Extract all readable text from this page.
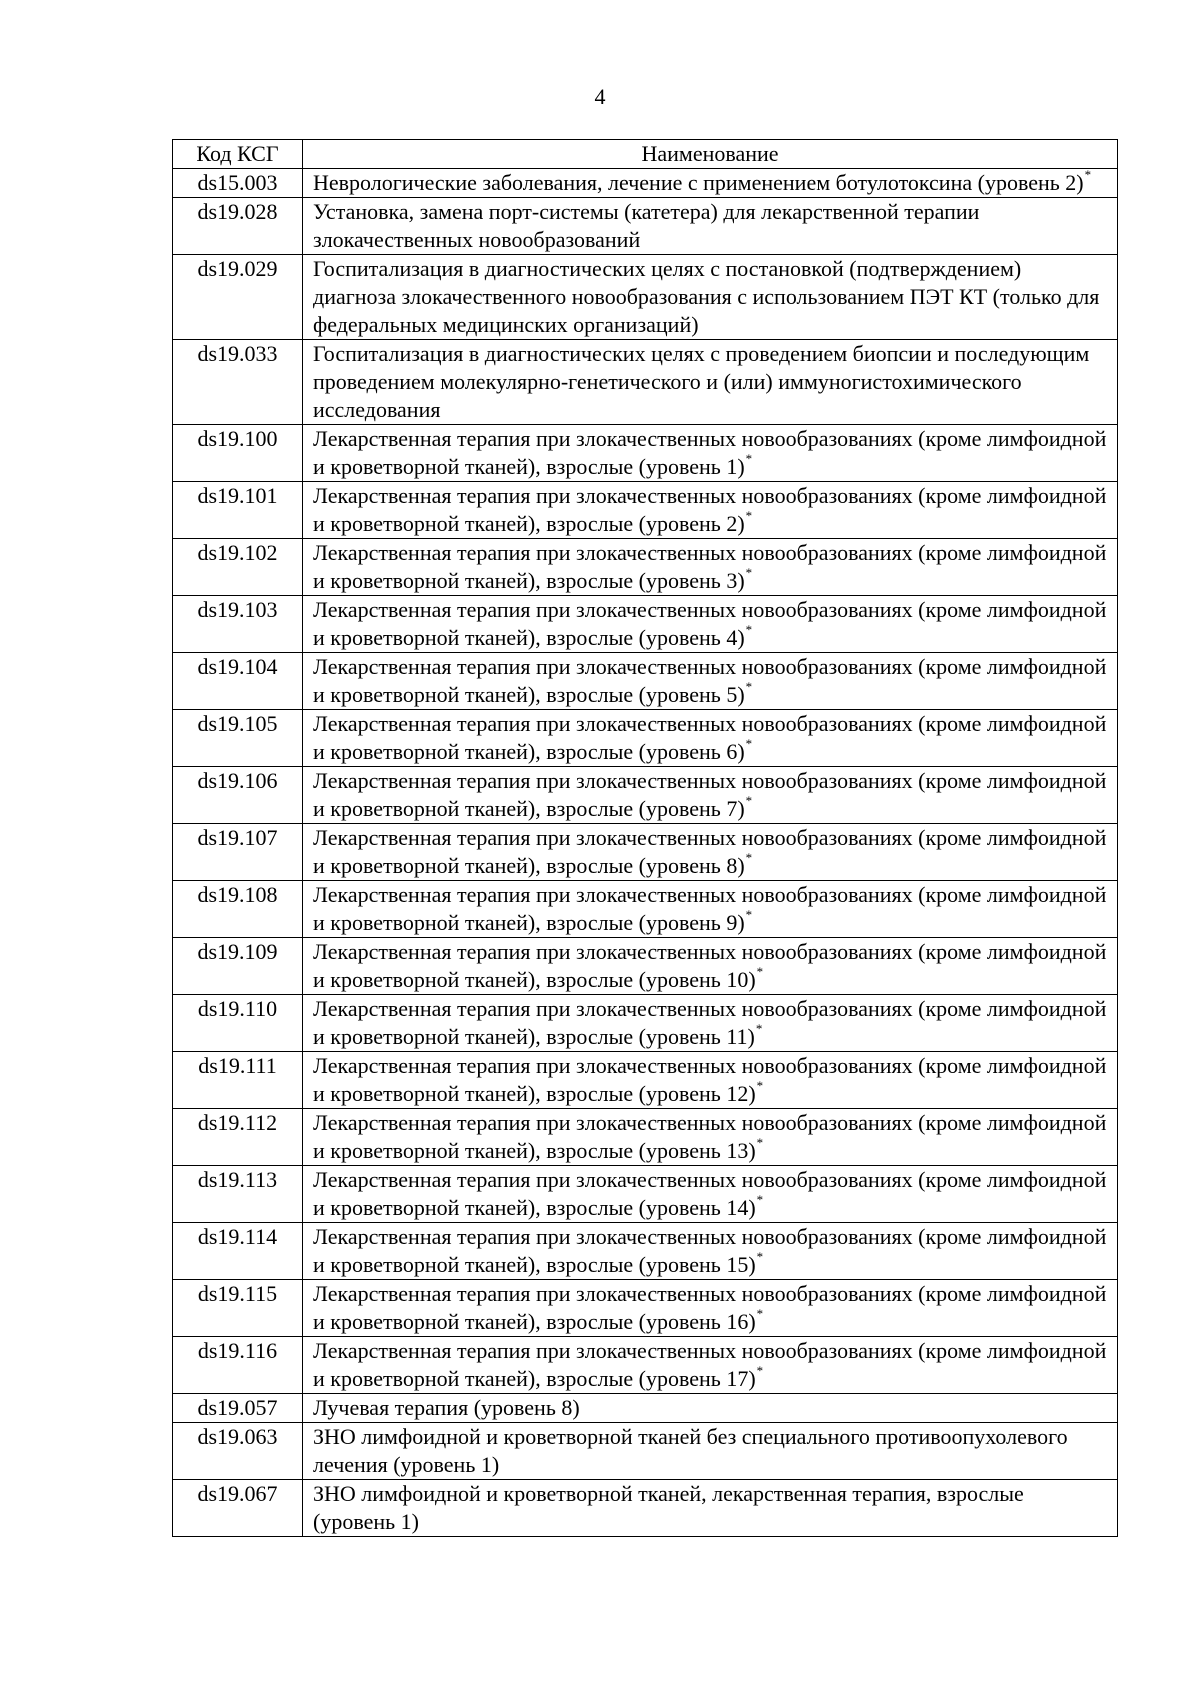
4
Код КСГ	Наименование
ds15.003	Неврологические заболевания, лечение с применением ботулотоксина (уровень 2)*
ds19.028	Установка, замена порт-системы (катетера) для лекарственной терапии злокачественных новообразований
ds19.029	Госпитализация в диагностических целях с постановкой (подтверждением) диагноза злокачественного новообразования с использованием ПЭТ КТ (только для федеральных медицинских организаций)
ds19.033	Госпитализация в диагностических целях с проведением биопсии и последующим проведением молекулярно-генетического и (или) иммуногистохимического исследования
ds19.100	Лекарственная терапия при злокачественных новообразованиях (кроме лимфоидной и кроветворной тканей), взрослые (уровень 1)*
ds19.101	Лекарственная терапия при злокачественных новообразованиях (кроме лимфоидной и кроветворной тканей), взрослые (уровень 2)*
ds19.102	Лекарственная терапия при злокачественных новообразованиях (кроме лимфоидной и кроветворной тканей), взрослые (уровень 3)*
ds19.103	Лекарственная терапия при злокачественных новообразованиях (кроме лимфоидной и кроветворной тканей), взрослые (уровень 4)*
ds19.104	Лекарственная терапия при злокачественных новообразованиях (кроме лимфоидной и кроветворной тканей), взрослые (уровень 5)*
ds19.105	Лекарственная терапия при злокачественных новообразованиях (кроме лимфоидной и кроветворной тканей), взрослые (уровень 6)*
ds19.106	Лекарственная терапия при злокачественных новообразованиях (кроме лимфоидной и кроветворной тканей), взрослые (уровень 7)*
ds19.107	Лекарственная терапия при злокачественных новообразованиях (кроме лимфоидной и кроветворной тканей), взрослые (уровень 8)*
ds19.108	Лекарственная терапия при злокачественных новообразованиях (кроме лимфоидной и кроветворной тканей), взрослые (уровень 9)*
ds19.109	Лекарственная терапия при злокачественных новообразованиях (кроме лимфоидной и кроветворной тканей), взрослые (уровень 10)*
ds19.110	Лекарственная терапия при злокачественных новообразованиях (кроме лимфоидной и кроветворной тканей), взрослые (уровень 11)*
ds19.111	Лекарственная терапия при злокачественных новообразованиях (кроме лимфоидной и кроветворной тканей), взрослые (уровень 12)*
ds19.112	Лекарственная терапия при злокачественных новообразованиях (кроме лимфоидной и кроветворной тканей), взрослые (уровень 13)*
ds19.113	Лекарственная терапия при злокачественных новообразованиях (кроме лимфоидной и кроветворной тканей), взрослые (уровень 14)*
ds19.114	Лекарственная терапия при злокачественных новообразованиях (кроме лимфоидной и кроветворной тканей), взрослые (уровень 15)*
ds19.115	Лекарственная терапия при злокачественных новообразованиях (кроме лимфоидной и кроветворной тканей), взрослые (уровень 16)*
ds19.116	Лекарственная терапия при злокачественных новообразованиях (кроме лимфоидной и кроветворной тканей), взрослые (уровень 17)*
ds19.057	Лучевая терапия (уровень 8)
ds19.063	ЗНО лимфоидной и кроветворной тканей без специального противоопухолевого лечения (уровень 1)
ds19.067	ЗНО лимфоидной и кроветворной тканей, лекарственная терапия, взрослые (уровень 1)
